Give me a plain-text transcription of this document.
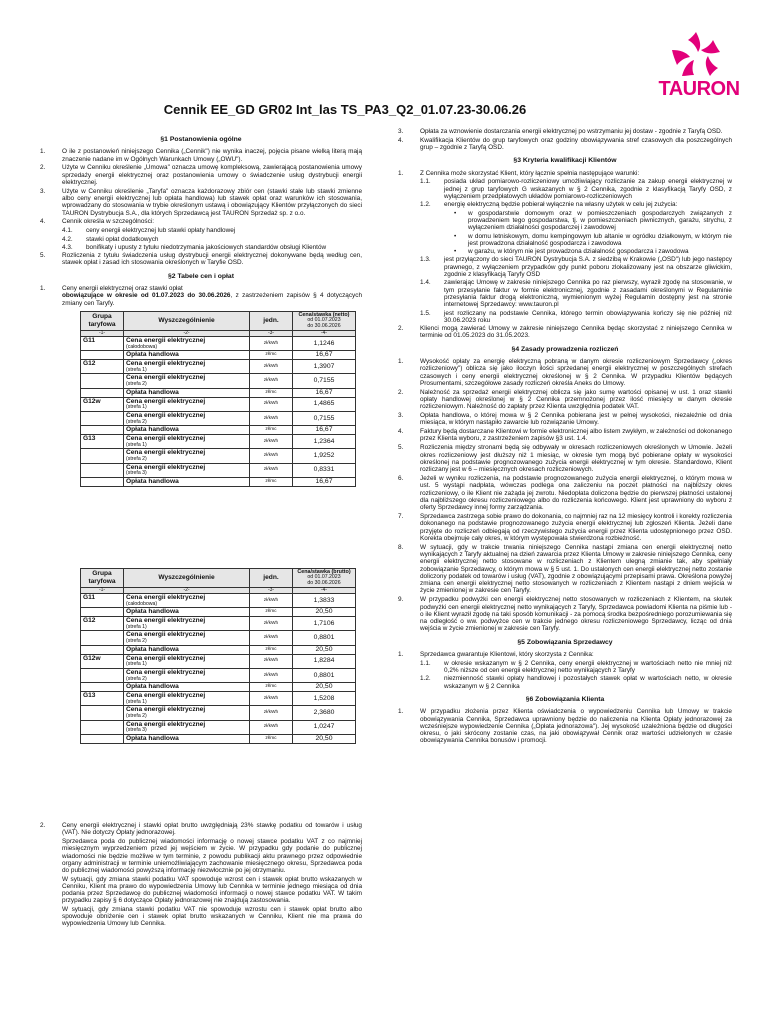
TAURON
Cennik EE_GD GR02 Int_las TS_PA3_Q2_01.07.23-30.06.26
§1 Postanowienia ogólne
1.	O ile z postanowień niniejszego Cennika („Cennik") nie wynika inaczej, pojęcia pisane wielką literą mają znaczenie nadane im w Ogólnych Warunkach Umowy („OWU").
2.	Użyte w Cenniku określenie „Umowa" oznacza umowę kompleksową, zawierającą postanowienia umowy sprzedaży energii elektrycznej oraz postanowienia umowy o świadczenie usług dystrybucji energii elektrycznej.
3.	Użyte w Cenniku określenie „Taryfa" oznacza każdorazowy zbiór cen (stawki stałe lub stawki zmienne albo ceny energii elektrycznej lub opłata handlowa) lub stawek opłat oraz warunków ich stosowania, wprowadzany do stosowania w trybie określonym ustawą i obowiązujący Klientów przyłączonych do sieci TAURON Dystrybucja S.A., dla których Sprzedawcą jest TAURON Sprzedaż sp. z o.o.
4.	Cennik określa w szczególności:
4.1.	ceny energii elektrycznej lub stawki opłaty handlowej
4.2.	stawki opłat dodatkowych
4.3.	bonifikaty i upusty z tytułu niedotrzymania jakościowych standardów obsługi Klientów
5.	Rozliczenia z tytułu świadczenia usług dystrybucji energii elektrycznej dokonywane będą według cen, stawek opłat i zasad ich stosowania określonych w Taryfie OSD.
§2 Tabele cen i opłat
1.	Ceny energii elektrycznej oraz stawki opłat
obowiązujące w okresie od 01.07.2023 do 30.06.2026, z zastrzeżeniem zapisów § 4 dotyczących zmiany cen Taryfy.
Grupa taryfowa	Wyszczególnienie	jedn.	Cena/stawka (netto)
od 01.07.2023
do 30.06.2026

-1-	-2-	-3-	-4-
G11	Cena energii elektrycznej
(całodobowa)	zł/kWh	1,1246
	Opłata handlowa	zł/mc	16,67
G12	Cena energii elektrycznej
(strefa 1)	zł/kWh	1,3907
	Cena energii elektrycznej
(strefa 2)	zł/kWh	0,7155
	Opłata handlowa	zł/mc	16,67
G12w	Cena energii elektrycznej
(strefa 1)	zł/kWh	1,4865
	Cena energii elektrycznej
(strefa 2)	zł/kWh	0,7155
	Opłata handlowa	zł/mc	16,67
G13	Cena energii elektrycznej
(strefa 1)	zł/kWh	1,2364
	Cena energii elektrycznej
(strefa 2)	zł/kWh	1,9252
	Cena energii elektrycznej
(strefa 3)	zł/kWh	0,8331
	Opłata handlowa	zł/mc	16,67
Grupa taryfowa	Wyszczególnienie	jedn.	Cena/stawka (brutto)
od 01.07.2023
do 30.06.2026

-1-	-2-	-3-	-4-
G11	Cena energii elektrycznej
(całodobowa)	zł/kWh	1,3833
	Opłata handlowa	zł/mc	20,50
G12	Cena energii elektrycznej
(strefa 1)	zł/kWh	1,7106
	Cena energii elektrycznej
(strefa 2)	zł/kWh	0,8801
	Opłata handlowa	zł/mc	20,50
G12w	Cena energii elektrycznej
(strefa 1)	zł/kWh	1,8284
	Cena energii elektrycznej
(strefa 2)	zł/kWh	0,8801
	Opłata handlowa	zł/mc	20,50
G13	Cena energii elektrycznej
(strefa 1)	zł/kWh	1,5208
	Cena energii elektrycznej
(strefa 2)	zł/kWh	2,3680
	Cena energii elektrycznej
(strefa 3)	zł/kWh	1,0247
	Opłata handlowa	zł/mc	20,50
2.	Ceny energii elektrycznej i stawki opłat brutto uwzględniają 23% stawkę podatku od towarów i usług (VAT). Nie dotyczy Opłaty jednorazowej.
Sprzedawca poda do publicznej wiadomości informację o nowej stawce podatku VAT z co najmniej miesięcznym wyprzedzeniem przed jej wejściem w życie. W przypadku gdy podanie do publicznej wiadomości nie będzie możliwe w tym terminie, z powodu publikacji aktu prawnego przez odpowiednie organy administracji w terminie uniemożliwiającym zachowanie miesięcznego okresu, Sprzedawca poda do publicznej wiadomości powyższą informację niezwłocznie po jej otrzymaniu.
W sytuacji, gdy zmiana stawki podatku VAT spowoduje wzrost cen i stawek opłat brutto wskazanych w Cenniku, Klient ma prawo do wypowiedzenia Umowy lub Cennika w terminie jednego miesiąca od dnia podania przez Sprzedawcę do publicznej wiadomości informacji o nowej stawce podatku VAT. W takim przypadku zapisy § 6 dotyczące Opłaty jednorazowej nie znajdują zastosowania.
W sytuacji, gdy zmiana stawki podatku VAT nie spowoduje wzrostu cen i stawek opłat brutto albo spowoduje obniżenie cen i stawek opłat brutto wskazanych w Cenniku, Klient nie ma prawa do wypowiedzenia Umowy lub Cennika.
3.	Opłata za wznowienie dostarczania energii elektrycznej po wstrzymaniu jej dostaw - zgodnie z Taryfą OSD.
4.	Kwalifikacja Klientów do grup taryfowych oraz godziny obowiązywania stref czasowych dla poszczególnych grup – zgodnie z Taryfą OSD.
§3 Kryteria kwalifikacji Klientów
1.	Z Cennika może skorzystać Klient, który łącznie spełnia następujące warunki:
1.1.	posiada układ pomiarowo-rozliczeniowy umożliwiający rozliczanie za zakup energii elektrycznej w jednej z grup taryfowych G wskazanych w § 2 Cennika, zgodnie z klasyfikacją Taryfy OSD, z wyłączeniem przedpłatowych układów pomiarowo-rozliczeniowych
1.2.	energię elektryczną będzie pobierał wyłącznie na własny użytek w celu jej zużycia:
•	w gospodarstwie domowym oraz w pomieszczeniach gospodarczych związanych z prowadzeniem tego gospodarstwa, tj. w pomieszczeniach piwnicznych, garażu, strychu, z wyłączeniem działalności gospodarczej i zawodowej
•	w domu letniskowym, domu kempingowym lub altanie w ogródku działkowym, w którym nie jest prowadzona działalność gospodarcza i zawodowa
•	w garażu, w którym nie jest prowadzona działalność gospodarcza i zawodowa
1.3.	jest przyłączony do sieci TAURON Dystrybucja S.A. z siedzibą w Krakowie („OSD") lub jego następcy prawnego, z wyłączeniem przypadków gdy punkt poboru zlokalizowany jest na obszarze gliwickim, zgodnie z klasyfikacją Taryfy OSD
1.4.	zawierając Umowę w zakresie niniejszego Cennika po raz pierwszy, wyraził zgodę na stosowanie, w tym przesyłanie faktur w formie elektronicznej, zgodnie z zasadami określonymi w Regulaminie przesyłania faktur drogą elektroniczną, wymienionym wyżej Regulamin dostępny jest na stronie internetowej Sprzedawcy: www.tauron.pl
1.5.	jest rozliczany na podstawie Cennika, którego termin obowiązywania kończy się nie później niż 30.06.2023 roku
2.	Klienci mogą zawierać Umowy w zakresie niniejszego Cennika będąc skorzystać z niniejszego Cennika w terminie od 01.05.2023 do 31.05.2023.
§4 Zasady prowadzenia rozliczeń
1.	Wysokość opłaty za energię elektryczną pobraną w danym okresie rozliczeniowym Sprzedawcy („okres rozliczeniowy") oblicza się jako iloczyn ilości sprzedanej energii elektrycznej w poszczególnych strefach czasowych i ceny energii elektrycznej określonej w § 2 Cennika. W przypadku Klientów będących Prosumentami, szczegółowe zasady rozliczeń określa Aneks do Umowy.
2.	Należność za sprzedaż energii elektrycznej oblicza się jako sumę wartości opisanej w ust. 1 oraz stawki opłaty handlowej określonej w § 2 Cennika przemnożonej przez ilość miesięcy w danym okresie rozliczeniowym. Należność do zapłaty przez Klienta uwzględnia podatek VAT.
3.	Opłata handlowa, o której mowa w § 2 Cennika pobierana jest w pełnej wysokości, niezależnie od dnia miesiąca, w którym nastąpiło zawarcie lub rozwiązanie Umowy.
4.	Faktury będą dostarczane Klientowi w formie elektronicznej albo listem zwykłym, w zależności od dokonanego przez Klienta wyboru, z zastrzeżeniem zapisów §3 ust. 1.4.
5.	Rozliczenia między stronami będą się odbywały w okresach rozliczeniowych określonych w Umowie. Jeżeli okres rozliczeniowy jest dłuższy niż 1 miesiąc, w okresie tym mogą być pobierane opłaty w wysokości określonej na podstawie prognozowanego zużycia energii elektrycznej w tym okresie. Standardowo, Klient rozliczany jest w 6 – miesięcznych okresach rozliczeniowych.
6.	Jeżeli w wyniku rozliczenia, na podstawie prognozowanego zużycia energii elektrycznej, o którym mowa w ust. 5 wystąpi nadpłata, wówczas podlega ona zaliczeniu na poczet płatności na najbliższy okres rozliczeniowy, o ile Klient nie zażąda jej zwrotu. Niedopłata doliczona będzie do pierwszej płatności ustalonej dla najbliższego okresu rozliczeniowego albo do rozliczenia końcowego. Klient jest uprawniony do wyboru z oferty Sprzedawcy innej formy zarządzania.
7.	Sprzedawca zastrzega sobie prawo do dokonania, co najmniej raz na 12 miesięcy kontroli i korekty rozliczenia dokonanego na podstawie prognozowanego zużycia energii elektrycznej lub zgłoszeń Klienta. Jeżeli dane przyjęte do rozliczeń odbiegają od rzeczywistego zużycia energii przez Klienta udostępnionego przez OSD. Korekta obejmuje cały okres, w którym występowała stwierdzona rozbieżność.
8.	W sytuacji, gdy w trakcie trwania niniejszego Cennika nastąpi zmiana cen energii elektrycznej netto wynikających z Taryfy aktualnej na dzień zawarcia przez Klienta Umowy w zakresie niniejszego Cennika, ceny energii elektrycznej netto stosowane w rozliczeniach z Klientem ulegną zmianie tak, aby spełniały zobowiązanie Sprzedawcy, o którym mowa w § 5 ust. 1. Do ustalonych cen energii elektrycznej netto zostanie doliczony podatek od towarów i usług (VAT), zgodnie z obowiązującymi przepisami prawa. Określona powyżej zmiana cen energii elektrycznej netto stosowanych w rozliczeniach z Klientem nastąpi z dniem wejścia w życie zmienionej w zakresie cen Taryfy.
9.	W przypadku podwyżki cen energii elektrycznej netto stosowanych w rozliczeniach z Klientem, na skutek podwyżki cen energii elektrycznej netto wynikających z Taryfy, Sprzedawca powiadomi Klienta na piśmie lub - o ile Klient wyraził zgodę na taki sposób komunikacji - za pomocą środka bezpośredniego porozumiewania się na odległość o ww. podwyżce cen w trakcie jednego okresu rozliczeniowego Sprzedawcy, licząc od dnia wejścia w życie zmienionej w zakresie cen Taryfy.
§5 Zobowiązania Sprzedawcy
1.	Sprzedawca gwarantuje Klientowi, który skorzysta z Cennika:
1.1.	w okresie wskazanym w § 2 Cennika, ceny energii elektrycznej w wartościach netto nie mniej niż 0,2% niższe od cen energii elektrycznej netto wynikających z Taryfy
1.2.	niezmienność stawki opłaty handlowej i pozostałych stawek opłat w wartościach netto, w okresie wskazanym w § 2 Cennika
§6 Zobowiązania Klienta
1.	W przypadku złożenia przez Klienta oświadczenia o wypowiedzeniu Cennika lub Umowy w trakcie obowiązywania Cennika, Sprzedawca uprawniony będzie do naliczenia na Klienta Opłaty jednorazowej za wcześniejsze wypowiedzenie Cennika („Opłata jednorazowa"). Jej wysokość uzależniona będzie od długości okresu, o jaki skrócony zostanie czas, na jaki obowiązywał Cennik oraz wartości udzielonych w czasie obowiązywania Cennika bonusów i promocji.
